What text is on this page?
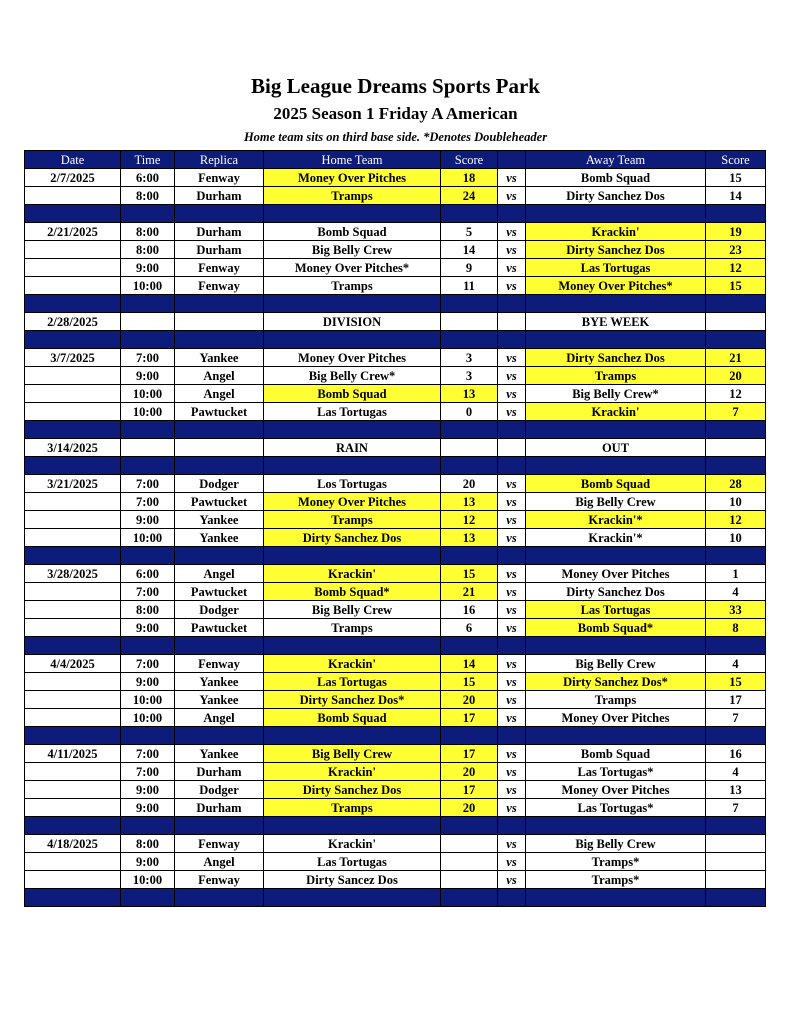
Big League Dreams Sports Park
2025 Season 1 Friday A American
Home team sits on third base side. *Denotes Doubleheader
Date	Time	Replica	Home Team	Score		Away Team	Score
2/7/2025	6:00	Fenway	Money Over Pitches	18	vs	Bomb Squad	15
	8:00	Durham	Tramps	24	vs	Dirty Sanchez Dos	14

2/21/2025	8:00	Durham	Bomb Squad	5	vs	Krackin'	19
	8:00	Durham	Big Belly Crew	14	vs	Dirty Sanchez Dos	23
	9:00	Fenway	Money Over Pitches*	9	vs	Las Tortugas	12
	10:00	Fenway	Tramps	11	vs	Money Over Pitches*	15

2/28/2025			DIVISION			BYE WEEK	

3/7/2025	7:00	Yankee	Money Over Pitches	3	vs	Dirty Sanchez Dos	21
	9:00	Angel	Big Belly Crew*	3	vs	Tramps	20
	10:00	Angel	Bomb Squad	13	vs	Big Belly Crew*	12
	10:00	Pawtucket	Las Tortugas	0	vs	Krackin'	7

3/14/2025			RAIN			OUT	

3/21/2025	7:00	Dodger	Los Tortugas	20	vs	Bomb Squad	28
	7:00	Pawtucket	Money Over Pitches	13	vs	Big Belly Crew	10
	9:00	Yankee	Tramps	12	vs	Krackin'*	12
	10:00	Yankee	Dirty Sanchez Dos	13	vs	Krackin'*	10

3/28/2025	6:00	Angel	Krackin'	15	vs	Money Over Pitches	1
	7:00	Pawtucket	Bomb Squad*	21	vs	Dirty Sanchez Dos	4
	8:00	Dodger	Big Belly Crew	16	vs	Las Tortugas	33
	9:00	Pawtucket	Tramps	6	vs	Bomb Squad*	8

4/4/2025	7:00	Fenway	Krackin'	14	vs	Big Belly Crew	4
	9:00	Yankee	Las Tortugas	15	vs	Dirty Sanchez Dos*	15
	10:00	Yankee	Dirty Sanchez Dos*	20	vs	Tramps	17
	10:00	Angel	Bomb Squad	17	vs	Money Over Pitches	7

4/11/2025	7:00	Yankee	Big Belly Crew	17	vs	Bomb Squad	16
	7:00	Durham	Krackin'	20	vs	Las Tortugas*	4
	9:00	Dodger	Dirty Sanchez Dos	17	vs	Money Over Pitches	13
	9:00	Durham	Tramps	20	vs	Las Tortugas*	7

4/18/2025	8:00	Fenway	Krackin'		vs	Big Belly Crew	
	9:00	Angel	Las Tortugas		vs	Tramps*	
	10:00	Fenway	Dirty Sancez Dos		vs	Tramps*	
